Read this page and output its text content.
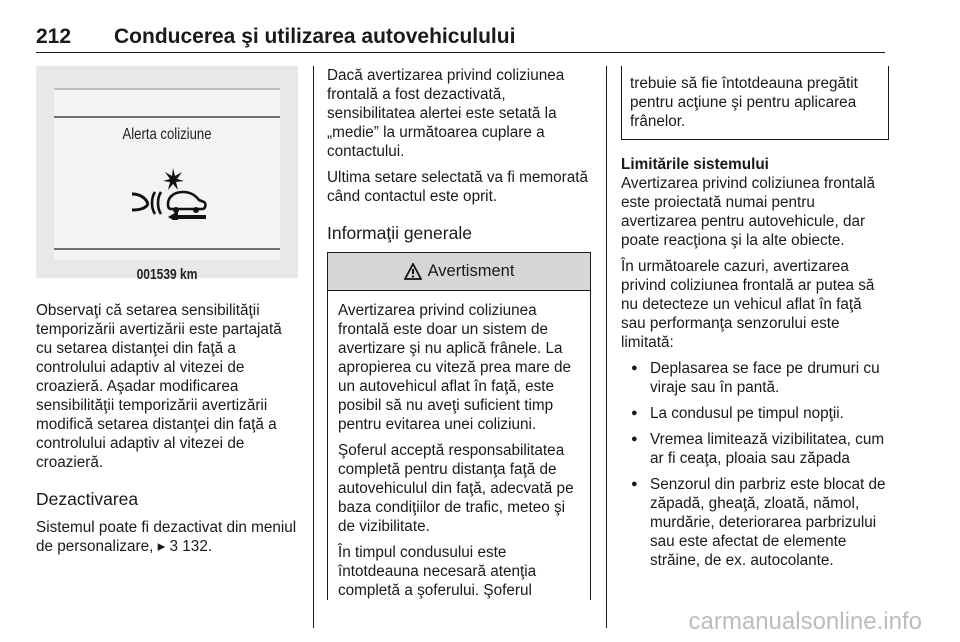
212 Conducerea şi utilizarea autovehiculului
Alerta coliziune
001539 km

Observaţi că setarea sensibilităţii temporizării avertizării este partajată cu setarea distanţei din faţă a controlului adaptiv al vitezei de croazieră. Aşadar modificarea sensibilităţii temporizării avertizării modifică setarea distanţei din faţă a controlului adaptiv al vitezei de croazieră.

Dezactivarea

Sistemul poate fi dezactivat din meniul de personalizare, ▸ 3 132.

Dacă avertizarea privind coliziunea frontală a fost dezactivată, sensibilitatea alertei este setată la „medie” la următoarea cuplare a contactului.

Ultima setare selectată va fi memorată când contactul este oprit.

Informaţii generale
Avertisment

Avertizarea privind coliziunea frontală este doar un sistem de avertizare şi nu aplică frânele. La apropierea cu viteză prea mare de un autovehicul aflat în faţă, este posibil să nu aveţi suficient timp pentru evitarea unei coliziuni.

Şoferul acceptă responsabilitatea completă pentru distanţa faţă de autovehiculul din faţă, adecvată pe baza condiţiilor de trafic, meteo şi de vizibilitate.

În timpul condusului este întotdeauna necesară atenţia completă a şoferului. Şoferul

trebuie să fie întotdeauna pregătit pentru acţiune şi pentru aplicarea frânelor.

Limitările sistemului

Avertizarea privind coliziunea frontală este proiectată numai pentru avertizarea pentru autovehicule, dar poate reacţiona şi la alte obiecte.

În următoarele cazuri, avertizarea privind coliziunea frontală ar putea să nu detecteze un vehicul aflat în faţă sau performanţa senzorului este limitată:

● Deplasarea se face pe drumuri cu viraje sau în pantă.
● La condusul pe timpul nopţii.
● Vremea limitează vizibilitatea, cum ar fi ceaţa, ploaia sau zăpada
● Senzorul din parbriz este blocat de zăpadă, gheaţă, zloată, nămol, murdărie, deteriorarea parbrizului sau este afectat de elemente străine, de ex. autocolante.
carmanualsonline.info
